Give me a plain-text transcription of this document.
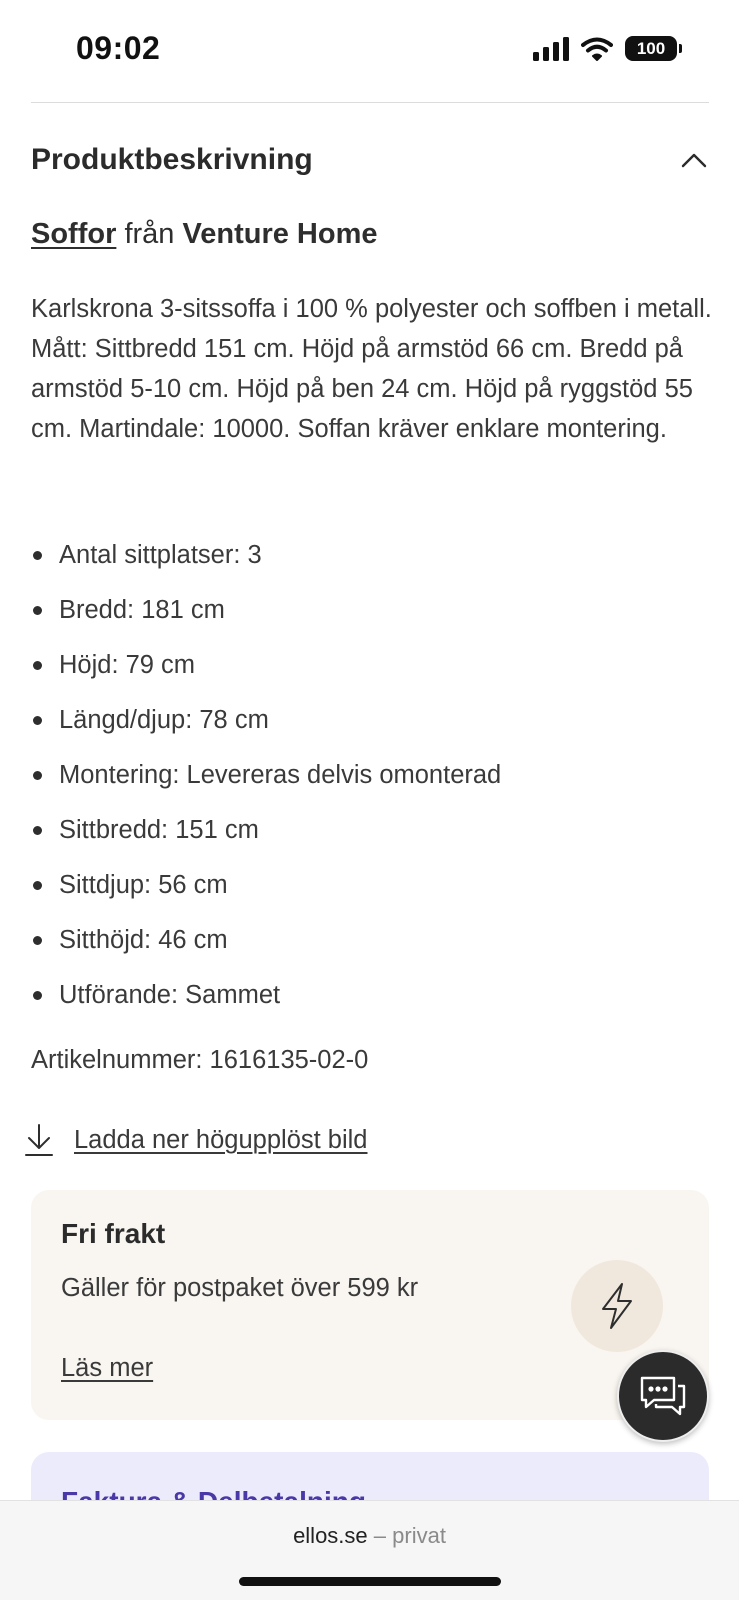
09:02	100
Produktbeskrivning
Soffor från Venture Home
Karlskrona 3-sitssoffa i 100 % polyester och soffben i metall. Mått: Sittbredd 151 cm. Höjd på armstöd 66 cm. Bredd på armstöd 5-10 cm. Höjd på ben 24 cm. Höjd på ryggstöd 55 cm. Martindale: 10000. Soffan kräver enklare montering.
Antal sittplatser: 3
Bredd: 181 cm
Höjd: 79 cm
Längd/djup: 78 cm
Montering: Levereras delvis omonterad
Sittbredd: 151 cm
Sittdjup: 56 cm
Sitthöjd: 46 cm
Utförande: Sammet
Artikelnummer: 1616135-02-0
Ladda ner högupplöst bild
Fri frakt
Gäller för postpaket över 599 kr
Läs mer
ellos.se – privat
